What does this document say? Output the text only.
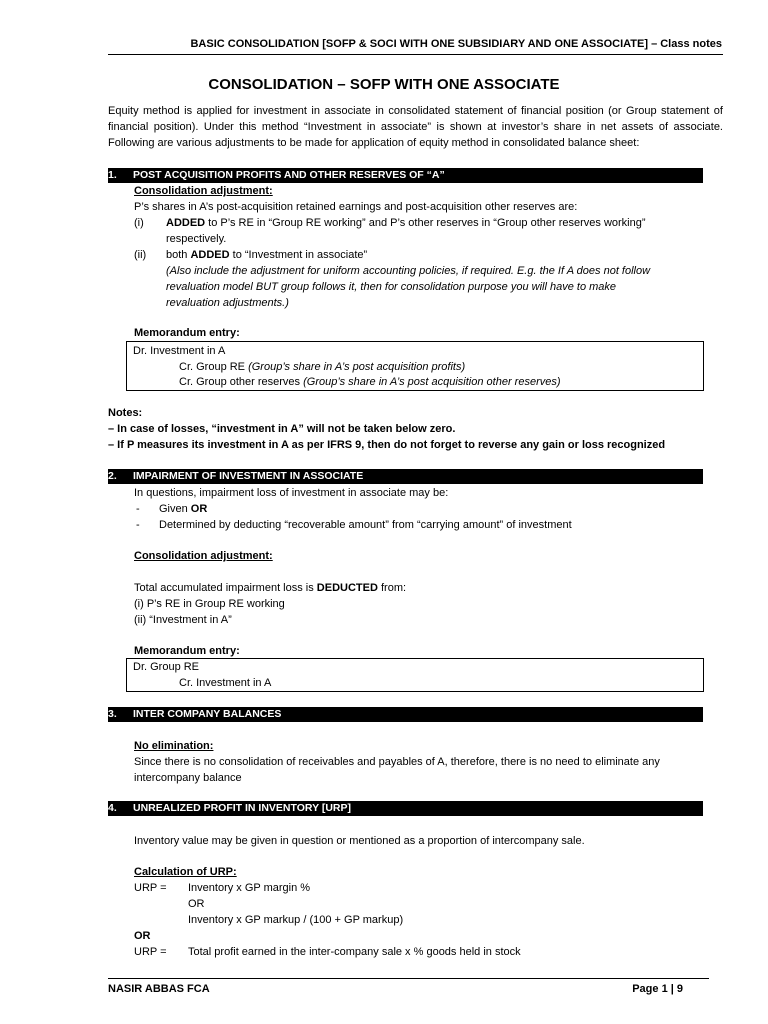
BASIC CONSOLIDATION [SOFP & SOCI WITH ONE SUBSIDIARY AND ONE ASSOCIATE] – Class notes
CONSOLIDATION – SOFP WITH ONE ASSOCIATE
Equity method is applied for investment in associate in consolidated statement of financial position (or Group statement of financial position). Under this method “Investment in associate” is shown at investor’s share in net assets of associate. Following are various adjustments to be made for application of equity method in consolidated balance sheet:
1. POST ACQUISITION PROFITS AND OTHER RESERVES OF “A”
Consolidation adjustment:
P’s shares in A’s post-acquisition retained earnings and post-acquisition other reserves are:
(i) ADDED to P’s RE in “Group RE working” and P’s other reserves in “Group other reserves working”
respectively.
(ii) both ADDED to “Investment in associate”
(Also include the adjustment for uniform accounting policies, if required. E.g. the If A does not follow
revaluation model BUT group follows it, then for consolidation purpose you will have to make
revaluation adjustments.)
Memorandum entry:
Dr. Investment in A
Cr. Group RE (Group’s share in A’s post acquisition profits)
Cr. Group other reserves (Group’s share in A’s post acquisition other reserves)
Notes:
– In case of losses, “investment in A” will not be taken below zero.
– If P measures its investment in A as per IFRS 9, then do not forget to reverse any gain or loss recognized
2. IMPAIRMENT OF INVESTMENT IN ASSOCIATE
In questions, impairment loss of investment in associate may be:
- Given OR
- Determined by deducting “recoverable amount” from “carrying amount” of investment
Consolidation adjustment:
Total accumulated impairment loss is DEDUCTED from:
(i) P’s RE in Group RE working
(ii) “Investment in A”
Memorandum entry:
Dr. Group RE
Cr. Investment in A
3. INTER COMPANY BALANCES
No elimination:
Since there is no consolidation of receivables and payables of A, therefore, there is no need to eliminate any
intercompany balance
4. UNREALIZED PROFIT IN INVENTORY [URP]
Inventory value may be given in question or mentioned as a proportion of intercompany sale.
Calculation of URP:
URP = Inventory x GP margin %
OR
Inventory x GP markup / (100 + GP markup)
OR
URP = Total profit earned in the inter-company sale x % goods held in stock
NASIR ABBAS FCA	Page 1 | 9
